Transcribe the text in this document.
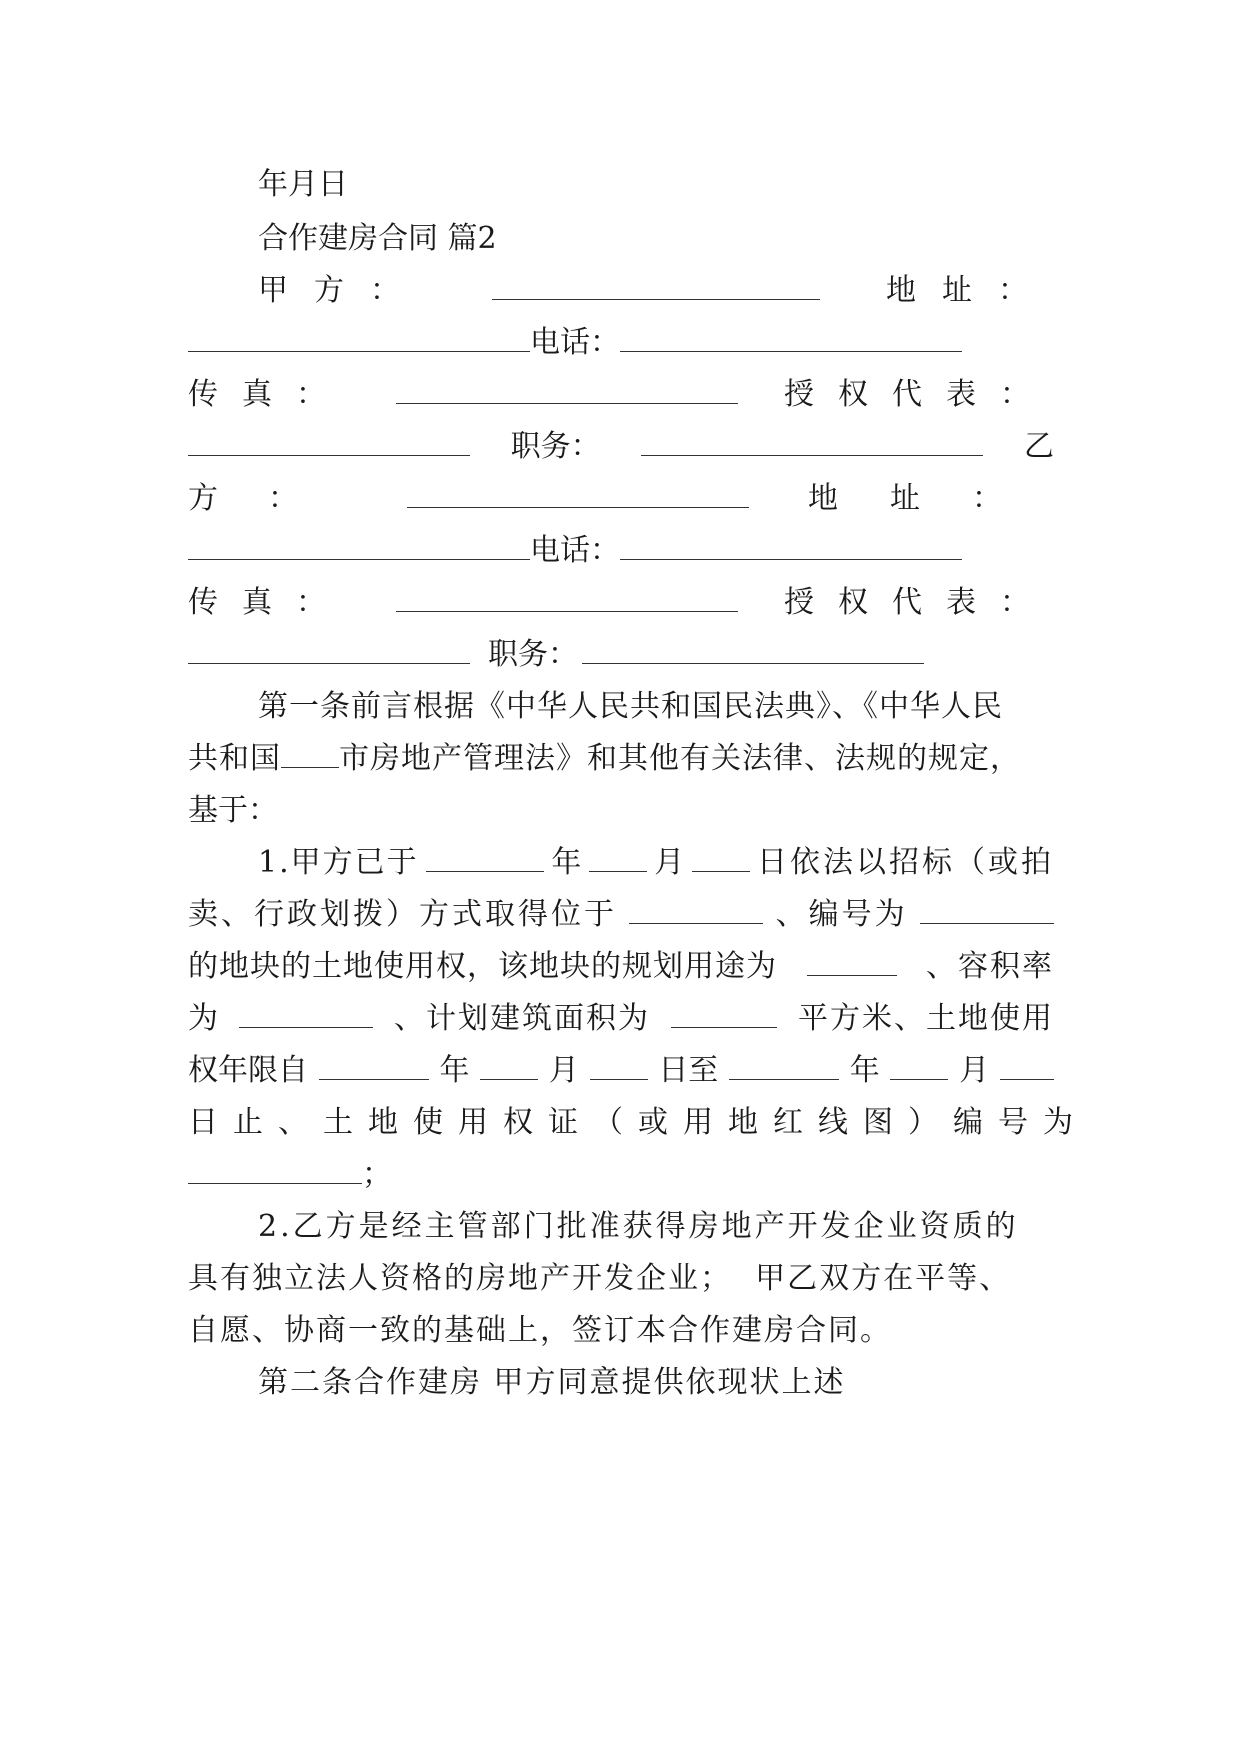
年月日
合作建房合同 篇2
甲方：	地址：
电话：
传真：	授权代表：
职务：	乙
方：	地址：
电话：
传真：	授权代表：
职务：
第一条前言根据《中华人民共和国民法典》、《中华人民
共和国 市房地产管理法》和其他有关法律、法规的规定，
基于：
1.甲方已于	年 月 日依法以招标（或拍
卖、行政划拨）方式取得位于	、编号为
的地块的土地使用权，该地块的规划用途为	、容积率
为	、计划建筑面积为	平方米、土地使用
权年限自	年	月	日至	年	月
日止、土地使用权证（或用地红线图）编号为
；
2.乙方是经主管部门批准获得房地产开发企业资质的
具有独立法人资格的房地产开发企业；  甲乙双方在平等、
自愿、协商一致的基础上，签订本合作建房合同。
第二条合作建房 甲方同意提供依现状上述
